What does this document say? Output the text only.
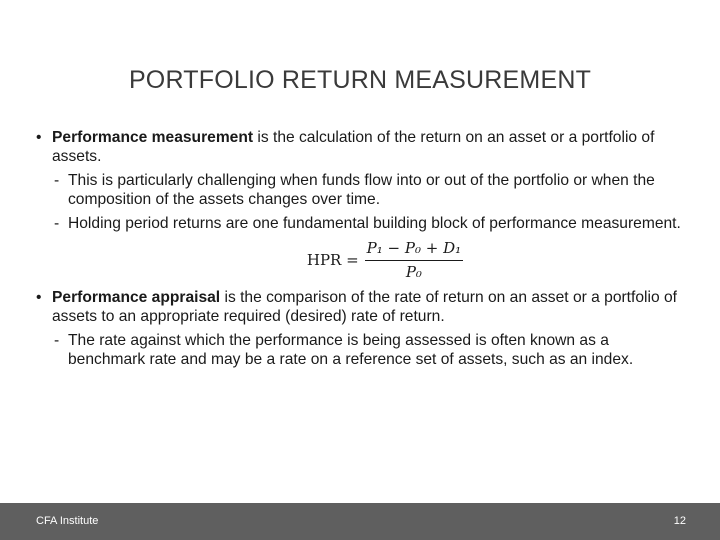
PORTFOLIO RETURN MEASUREMENT
• Performance measurement is the calculation of the return on an asset or a portfolio of assets.
- This is particularly challenging when funds flow into or out of the portfolio or when the composition of the assets changes over time.
- Holding period returns are one fundamental building block of performance measurement.
HPR = $\frac{\text{P₁ − P₀ + D₁}}{\text{P₀}}$
• Performance appraisal is the comparison of the rate of return on an asset or a portfolio of assets to an appropriate required (desired) rate of return.
- The rate against which the performance is being assessed is often known as a benchmark rate and may be a rate on a reference set of assets, such as an index.
CFA Institute	12
